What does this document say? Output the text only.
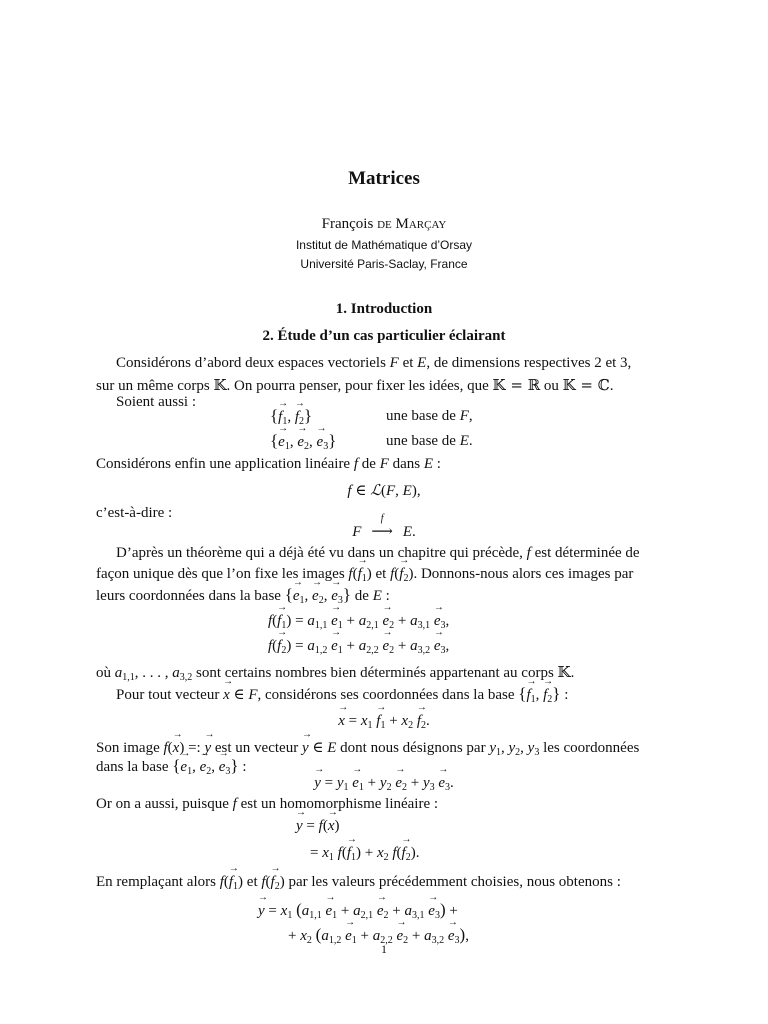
Matrices
François de Marçay
Institut de Mathématique d’Orsay
Université Paris-Saclay, France
1. Introduction
2. Étude d’un cas particulier éclairant
Considérons d’abord deux espaces vectoriels F et E, de dimensions respectives 2 et 3,
sur un même corps 𝕂. On pourra penser, pour fixer les idées, que 𝕂 = ℝ ou 𝕂 = ℂ.
Soient aussi :
{→ $f_1$, → $f_2$}	une base de F,
{→ $e_1$, → $e_2$, → $e_3$}	une base de E.
Considérons enfin une application linéaire f de F dans E :
f ∈ ℒ(F, E),
c’est-à-dire :
F
f
⟶ E.
D’après un théorème qui a déjà été vu dans un chapitre qui précède, f est déterminée de
façon unique dès que l’on fixe les images $f(\to f_1)$ et $f(\to f_2)$. Donnons-nous alors ces images par
leurs coordonnées dans la base {→ $e_1$, → $e_2$, → $e_3$} de E :
$f(\to f_1) = a_{1,1} \to e_1 + a_{2,1} \to e_2 + a_{3,1} \to e_3$,
$f(\to f_2) = a_{1,2} \to e_1 + a_{2,2} \to e_2 + a_{3,2} \to e_3$,
où $a_{1,1}$, . . . , $a_{3,2}$ sont certains nombres bien déterminés appartenant au corps 𝕂.
Pour tout vecteur → x ∈ F, considérons ses coordonnées dans la base {→ $f_1$, → $f_2$} :
→ $x = x_1 \to f_1 + x_2 \to f_2$.
Son image f(→ x) =: → y est un vecteur → y ∈ E dont nous désignons par $y_1$, $y_2$, $y_3$ les coordonnées
dans la base {→ $e_1$, → $e_2$, → $e_3$} :
→ $y = y_1 \to e_1 + y_2 \to e_2 + y_3 \to e_3$.
Or on a aussi, puisque f est un homomorphisme linéaire :
→ y = f(→ x)
= $x_1$ $f(\to f_1) + x_2$ $f(\to f_2)$.
En remplaçant alors $f(\to f_1)$ et $f(\to f_2)$ par les valeurs précédemment choisies, nous obtenons :
→ $y = x_1$ $(a_{1,1} \to e_1 + a_{2,1} \to e_2 + a_{3,1} \to e_3)$ +
+ $x_2$ $(a_{1,2} \to e_1 + a_{2,2} \to e_2 + a_{3,2} \to e_3)$,
1
